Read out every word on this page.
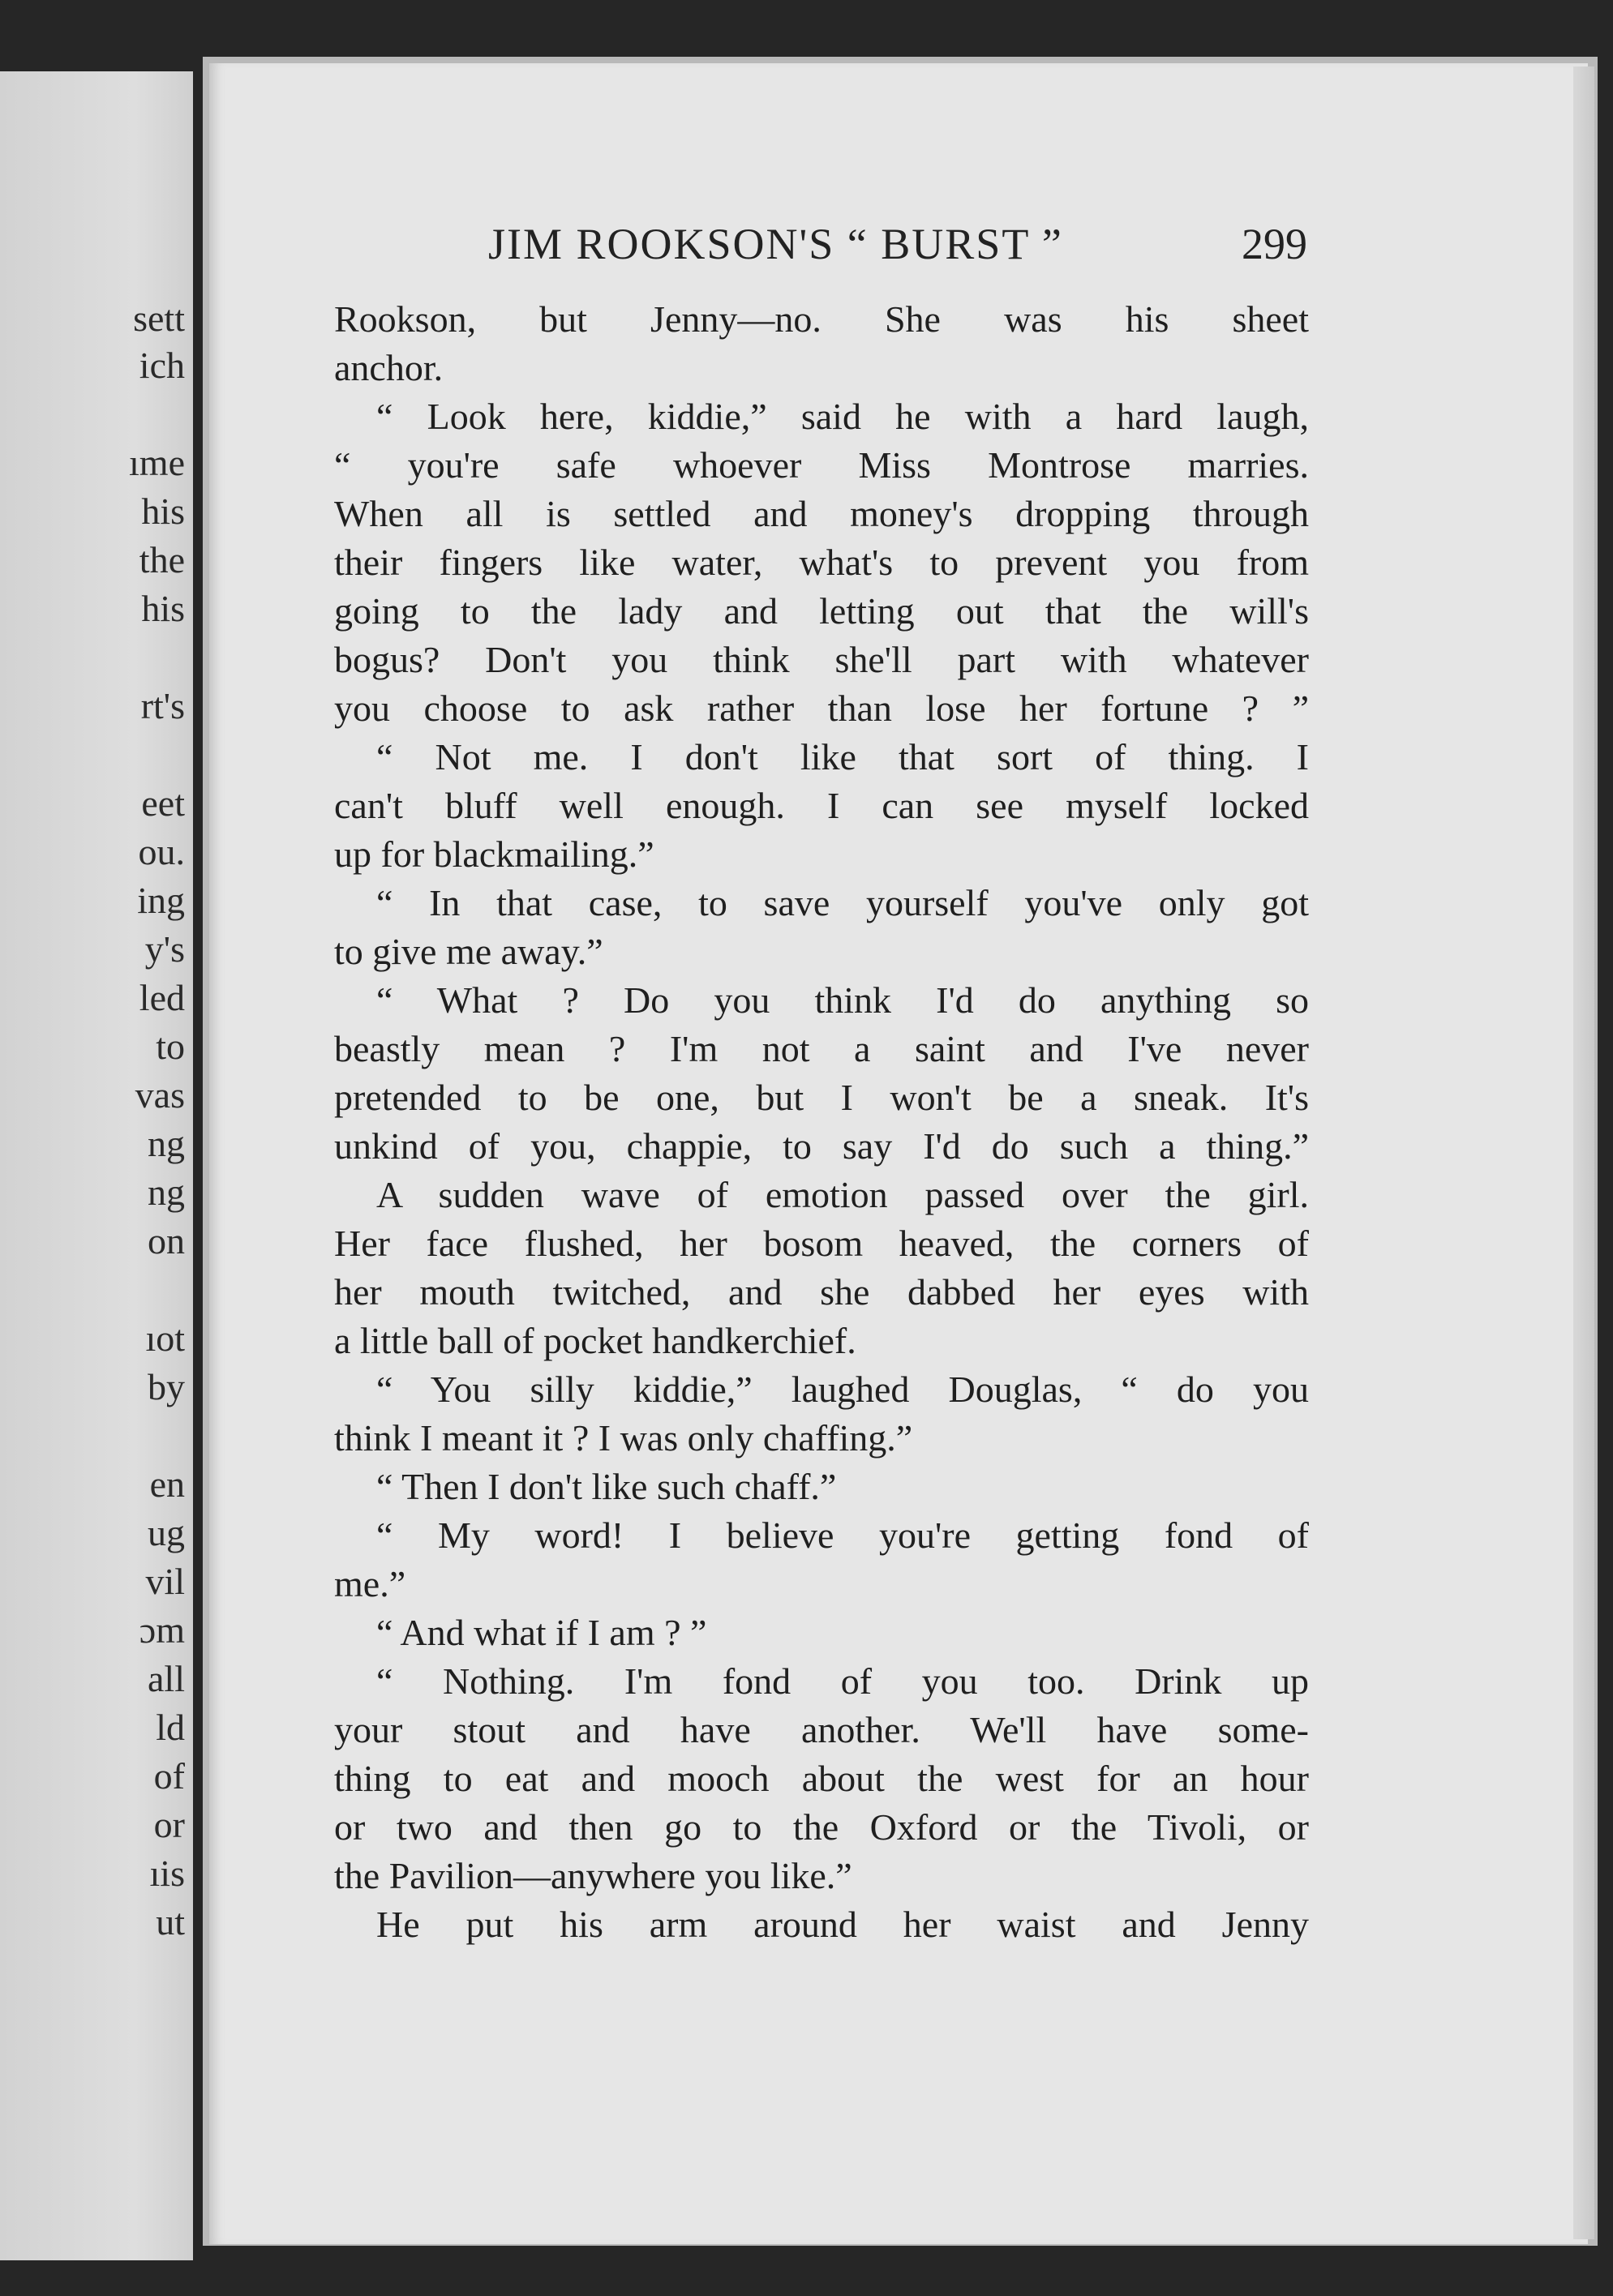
sett
ich
ıme
his
the
his
rt's
eet
ou.
ing
y's
led
to
vas
ng
ng
on
ıot
by
en
ug
vil
ɔm
all
ld
of
or
ıis
ut
JIM ROOKSON'S “ BURST ”	299
Rookson, but Jenny—no. She was his sheet
anchor.
“ Look here, kiddie,” said he with a hard laugh,
“ you're safe whoever Miss Montrose marries.
When all is settled and money's dropping through
their fingers like water, what's to prevent you from
going to the lady and letting out that the will's
bogus? Don't you think she'll part with whatever
you choose to ask rather than lose her fortune ? ”
“ Not me. I don't like that sort of thing. I
can't bluff well enough. I can see myself locked
up for blackmailing.”
“ In that case, to save yourself you've only got
to give me away.”
“ What ? Do you think I'd do anything so
beastly mean ? I'm not a saint and I've never
pretended to be one, but I won't be a sneak. It's
unkind of you, chappie, to say I'd do such a thing.”
A sudden wave of emotion passed over the girl.
Her face flushed, her bosom heaved, the corners of
her mouth twitched, and she dabbed her eyes with
a little ball of pocket handkerchief.
“ You silly kiddie,” laughed Douglas, “ do you
think I meant it ? I was only chaffing.”
“ Then I don't like such chaff.”
“ My word! I believe you're getting fond of
me.”
“ And what if I am ? ”
“ Nothing. I'm fond of you too. Drink up
your stout and have another. We'll have some-
thing to eat and mooch about the west for an hour
or two and then go to the Oxford or the Tivoli, or
the Pavilion—anywhere you like.”
He put his arm around her waist and Jenny
